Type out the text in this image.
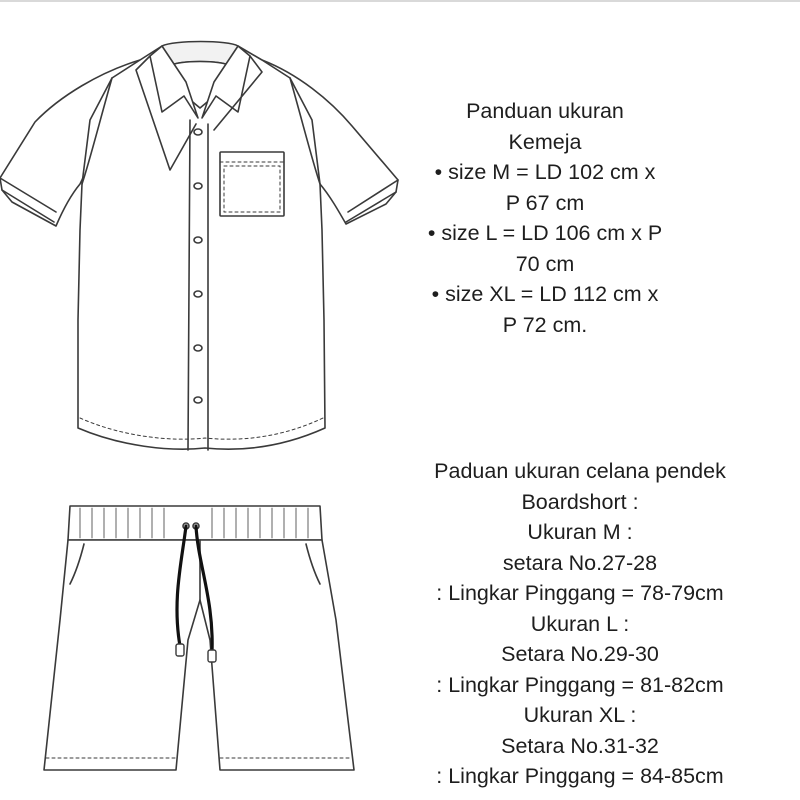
Panduan ukuran
Kemeja
• size M = LD 102 cm x
P 67 cm
• size L = LD 106 cm x P
70 cm
• size XL = LD 112 cm x
P 72 cm.
Paduan ukuran celana pendek
Boardshort :
Ukuran M :
setara No.27-28
: Lingkar Pinggang = 78-79cm
Ukuran L :
Setara No.29-30
: Lingkar Pinggang = 81-82cm
Ukuran XL :
Setara No.31-32
: Lingkar Pinggang = 84-85cm
